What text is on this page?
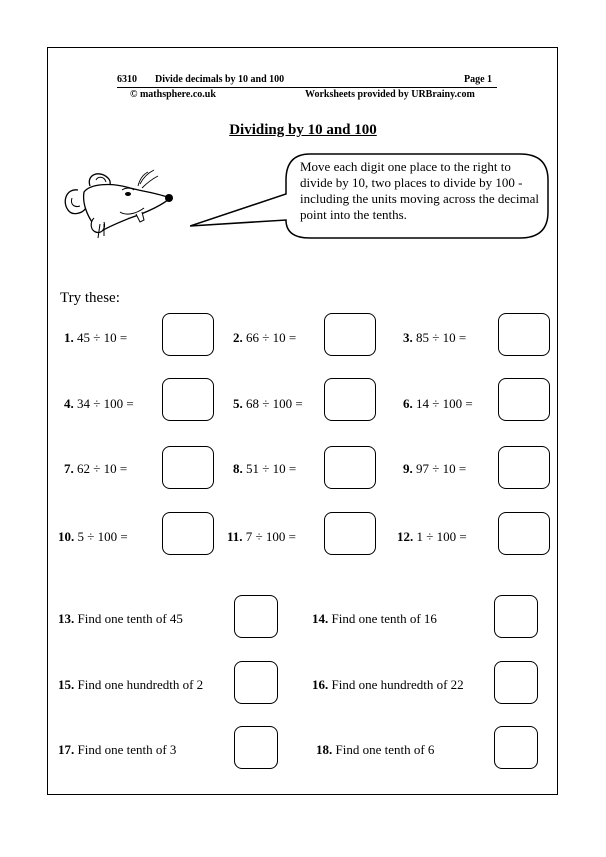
6310 Divide decimals by 10 and 100	Page 1
© mathsphere.co.uk	Worksheets provided by URBrainy.com
Dividing by 10 and 100
Move each digit one place to the right to divide by 10, two places to divide by 100 - including the units moving across the decimal point into the tenths.
Try these:
1. 45 ÷ 10 =	2. 66 ÷ 10 =	3. 85 ÷ 10 =
4. 34 ÷ 100 =	5. 68 ÷ 100 =	6. 14 ÷ 100 =
7. 62 ÷ 10 =	8. 51 ÷ 10 =	9. 97 ÷ 10 =
10. 5 ÷ 100 =	11. 7 ÷ 100 =	12. 1 ÷ 100 =
13. Find one tenth of 45	14. Find one tenth of 16
15. Find one hundredth of 2	16. Find one hundredth of 22
17. Find one tenth of 3	18. Find one tenth of 6
